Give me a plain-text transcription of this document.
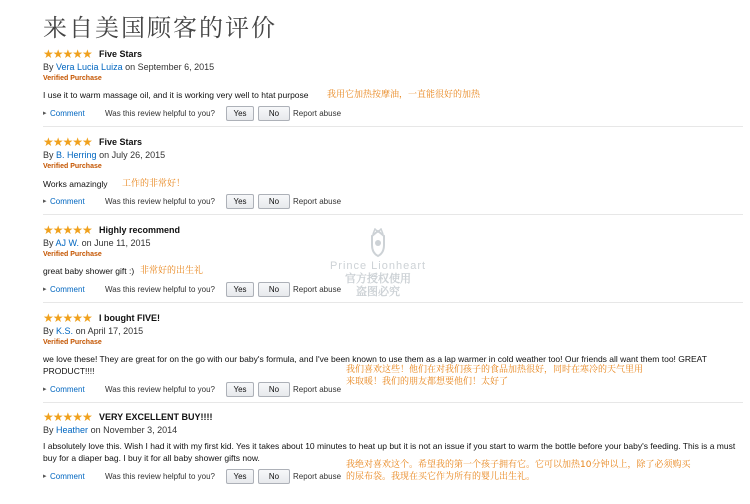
来自美国顾客的评价
Prince Lionheart
官方授权使用
盗图必究
★★★★★ Five Stars
By Vera Lucia Luiza on September 6, 2015
Verified Purchase
I use it to warm massage oil, and it is working very well to htat purpose	我用它加热按摩油，一直能很好的加热
▸ Comment	Was this review helpful to you?	Yes	No	Report abuse
★★★★★ Five Stars
By B. Herring on July 26, 2015
Verified Purchase
Works amazingly 工作的非常好！
▸ Comment	Was this review helpful to you?	Yes	No	Report abuse
★★★★★ Highly recommend
By AJ W. on June 11, 2015
Verified Purchase
great baby shower gift :) 非常好的出生礼
▸ Comment	Was this review helpful to you?	Yes	No	Report abuse
★★★★★ I bought FIVE!
By K.S. on April 17, 2015
Verified Purchase
we love these! They are great for on the go with our baby's formula, and I've been known to use them as a lap warmer in cold weather too! Our friends all want them too! GREAT PRODUCT!!!!	我们喜欢这些！他们在对我们孩子的食品加热很好，同时在寒冷的天气里用来取暖！我们的朋友都想要他们！太好了
▸ Comment	Was this review helpful to you?	Yes	No	Report abuse
★★★★★ VERY EXCELLENT BUY!!!!
By Heather on November 3, 2014
I absolutely love this. Wish I had it with my first kid. Yes it takes about 10 minutes to heat up but it is not an issue if you start to warm the bottle before your baby's feeding. This is a must buy for a diaper bag. I buy it for all baby shower gifts now.
我绝对喜欢这个。希望我的第一个孩子拥有它。它可以加热10分钟以上，除了必须购买的尿布袋。我现在买它作为所有的婴儿出生礼。
▸ Comment	Was this review helpful to you?	Yes	No	Report abuse
